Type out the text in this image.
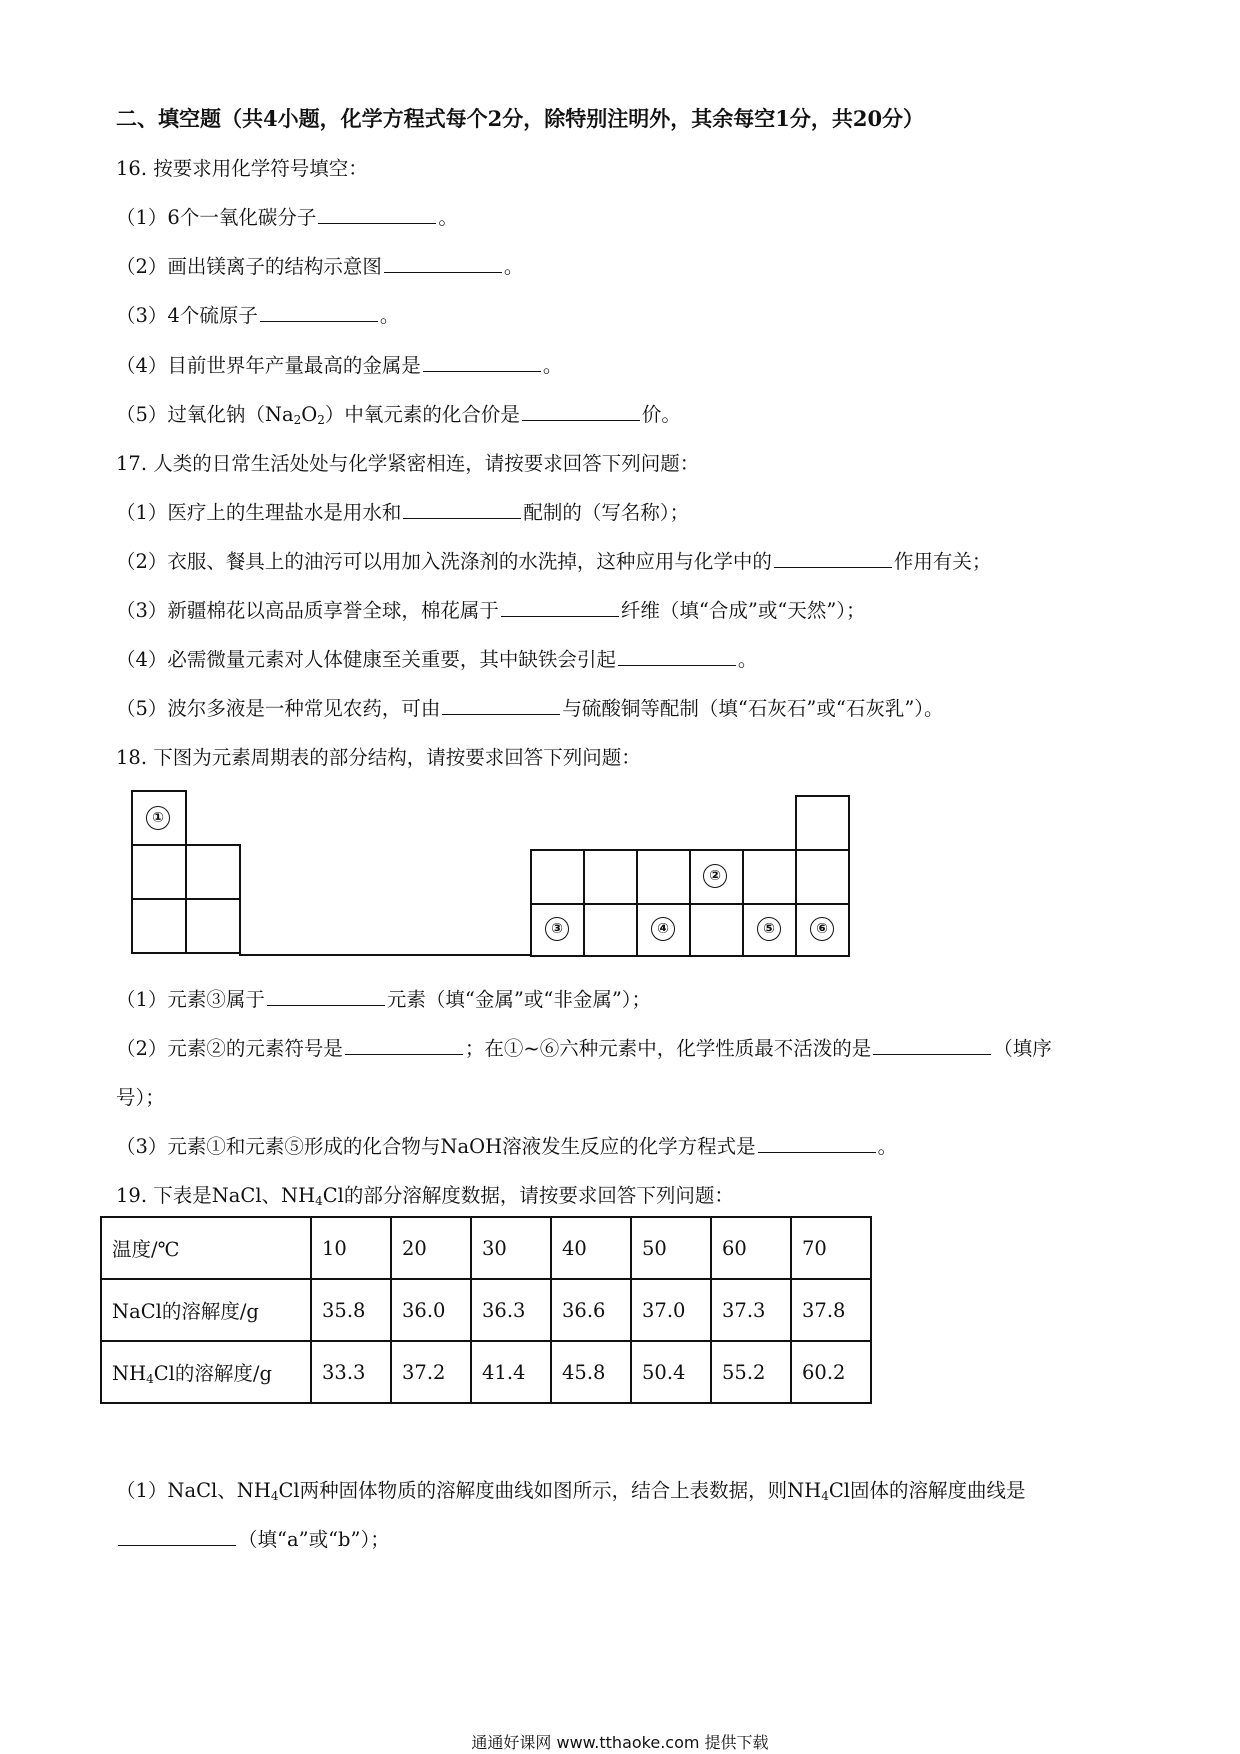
二、填空题（共4小题，化学方程式每个2分，除特别注明外，其余每空1分，共20分）
16. 按要求用化学符号填空：
（1）6个一氧化碳分子	。
（2）画出镁离子的结构示意图	。
（3）4个硫原子	。
（4）目前世界年产量最高的金属是	。
（5）过氧化钠$(Na_2O_2)$中氧元素的化合价是	价。
17. 人类的日常生活处处与化学紧密相连，请按要求回答下列问题：
（1）医疗上的生理盐水是用水和	配制的（写名称）；
（2）衣服、餐具上的油污可以用加入洗涤剂的水洗掉，这种应用与化学中的	作用有关；
（3）新疆棉花以高品质享誉全球，棉花属于	纤维（填“合成”或“天然”）；
（4）必需微量元素对人体健康至关重要，其中缺铁会引起	。
（5）波尔多液是一种常见农药，可由	与硫酸铜等配制（填“石灰石”或“石灰乳”）。
18. 下图为元素周期表的部分结构，请按要求回答下列问题：
①
②
③	④	⑤	⑥
（1）元素③属于	元素（填“金属”或“非金属”）；
（2）元素②的元素符号是	；在①~⑥六种元素中，化学性质最不活泼的是	（填序
号）；
（3）元素①和元素⑤形成的化合物与NaOH溶液发生反应的化学方程式是	。
19. 下表是NaCl、$NH_4Cl$的部分溶解度数据，请按要求回答下列问题：
温度/℃	10	20	30	40	50	60	70
NaCl的溶解度/g	35.8	36.0	36.3	36.6	37.0	37.3	37.8
$NH_4Cl$的溶解度/g	33.3	37.2	41.4	45.8	50.4	55.2	60.2
（1）NaCl、$NH_4Cl$两种固体物质的溶解度曲线如图所示，结合上表数据，则$NH_4Cl$固体的溶解度曲线是
（填“a”或“b”）；
通通好课网 www.tthaoke.com 提供下载
